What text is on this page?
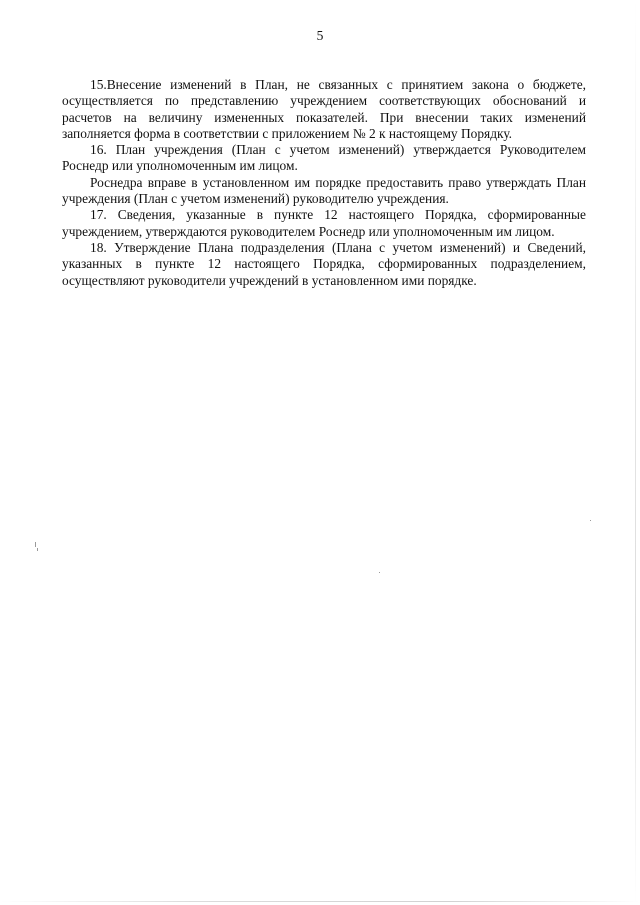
5

15.Внесение изменений в План, не связанных с принятием закона о бюджете, осуществляется по представлению учреждением соответствующих обоснований и расчетов на величину измененных показателей. При внесении таких изменений заполняется форма в соответствии с приложением № 2 к настоящему Порядку.

16. План учреждения (План с учетом изменений) утверждается Руководителем Роснедр или уполномоченным им лицом.

Роснедра вправе в установленном им порядке предоставить право утверждать План учреждения (План с учетом изменений) руководителю учреждения.

17. Сведения, указанные в пункте 12 настоящего Порядка, сформированные учреждением, утверждаются руководителем Роснедр или уполномоченным им лицом.

18. Утверждение Плана подразделения (Плана с учетом изменений) и Сведений, указанных в пункте 12 настоящего Порядка, сформированных подразделением, осуществляют руководители учреждений в установленном ими порядке.
